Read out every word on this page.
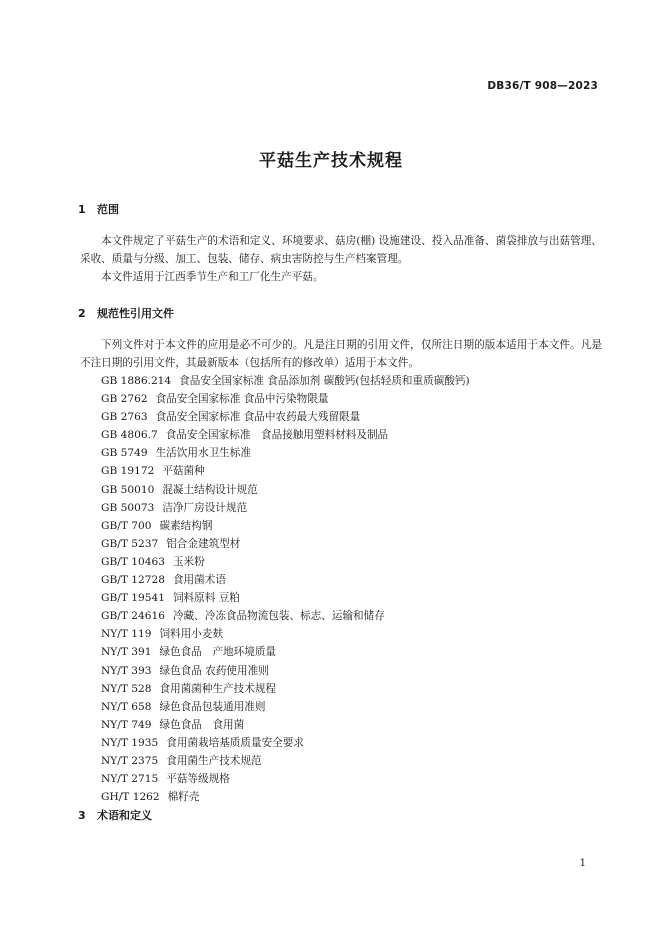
DB36/T 908—2023
平菇生产技术规程
1 范围

本文件规定了平菇生产的术语和定义、环境要求、菇房(棚) 设施建设、投入品准备、菌袋排放与出菇管理、采收、质量与分级、加工、包装、储存、病虫害防控与生产档案管理。

本文件适用于江西季节生产和工厂化生产平菇。

2 规范性引用文件

下列文件对于本文件的应用是必不可少的。凡是注日期的引用文件，仅所注日期的版本适用于本文件。凡是不注日期的引用文件，其最新版本（包括所有的修改单）适用于本文件。

GB 1886.214 食品安全国家标准 食品添加剂 碳酸钙(包括轻质和重质碳酸钙)
GB 2762 食品安全国家标准 食品中污染物限量
GB 2763 食品安全国家标准 食品中农药最大残留限量
GB 4806.7 食品安全国家标准　食品接触用塑料材料及制品
GB 5749 生活饮用水卫生标准
GB 19172 平菇菌种
GB 50010 混凝土结构设计规范
GB 50073 洁净厂房设计规范
GB/T 700 碳素结构钢
GB/T 5237 铝合金建筑型材
GB/T 10463 玉米粉
GB/T 12728 食用菌术语
GB/T 19541 饲料原料 豆粕
GB/T 24616 冷藏、冷冻食品物流包装、标志、运输和储存
NY/T 119 饲料用小麦麸
NY/T 391 绿色食品　产地环境质量
NY/T 393 绿色食品 农药使用准则
NY/T 528 食用菌菌种生产技术规程
NY/T 658 绿色食品包装通用准则
NY/T 749 绿色食品　食用菌
NY/T 1935 食用菌栽培基质质量安全要求
NY/T 2375 食用菌生产技术规范
NY/T 2715 平菇等级规格
GH/T 1262 棉籽壳
3 术语和定义
1
